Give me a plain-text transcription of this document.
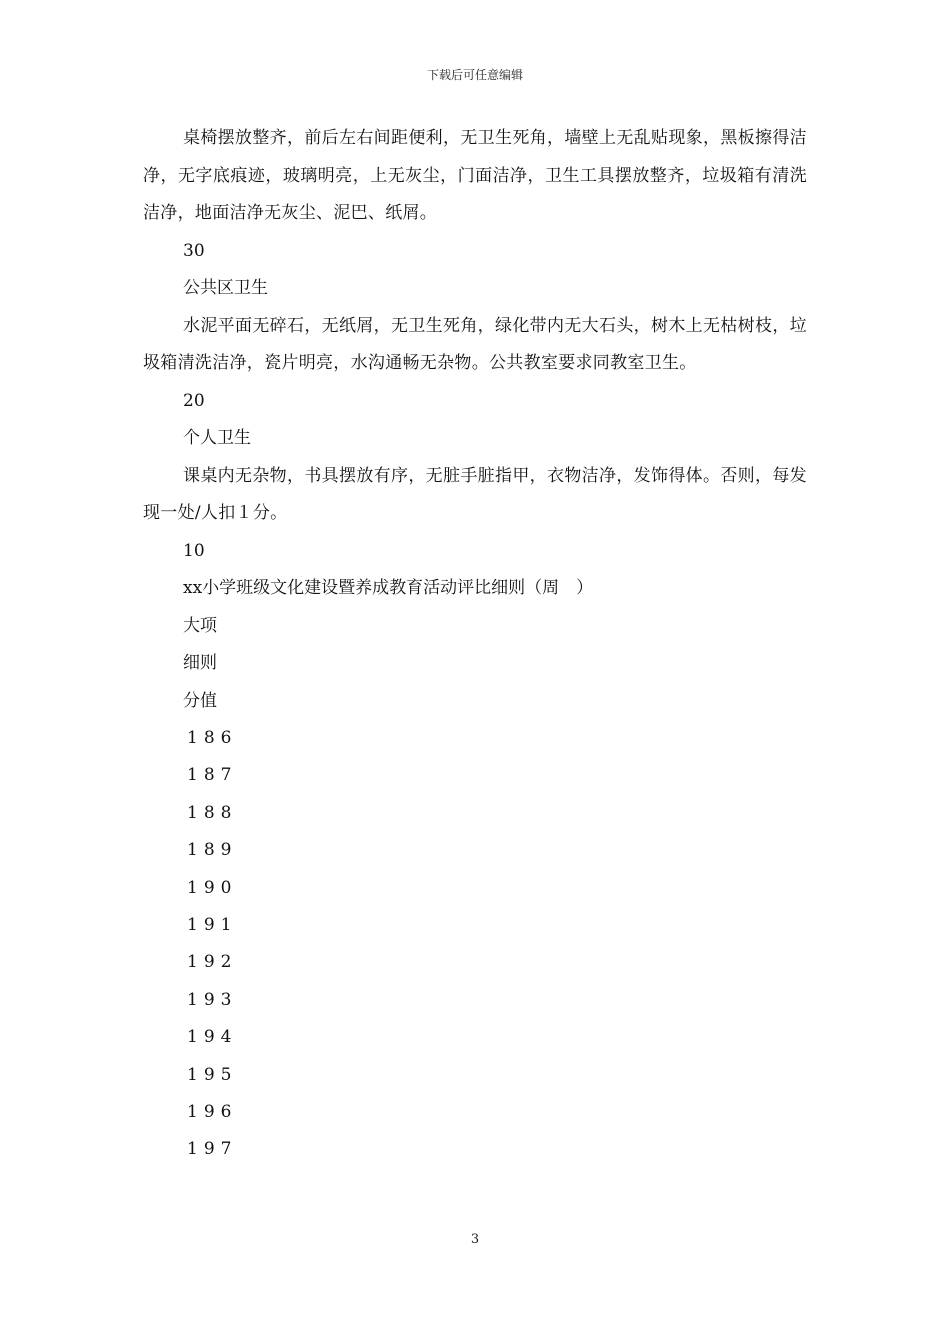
下载后可任意编辑

桌椅摆放整齐，前后左右间距便利，无卫生死角，墙壁上无乱贴现象，黑板擦得洁净，无字底痕迹，玻璃明亮，上无灰尘，门面洁净，卫生工具摆放整齐，垃圾箱有清洗洁净，地面洁净无灰尘、泥巴、纸屑。

30

公共区卫生

水泥平面无碎石，无纸屑，无卫生死角，绿化带内无大石头，树木上无枯树枝，垃圾箱清洗洁净，瓷片明亮，水沟通畅无杂物。公共教室要求同教室卫生。

20

个人卫生

课桌内无杂物，书具摆放有序，无脏手脏指甲，衣物洁净，发饰得体。否则，每发现一处/人扣１分。

10

xx小学班级文化建设暨养成教育活动评比细则（周　）

大项

细则

分值

186

187

188

189

190

191

192

193

194

195

196

197

3
